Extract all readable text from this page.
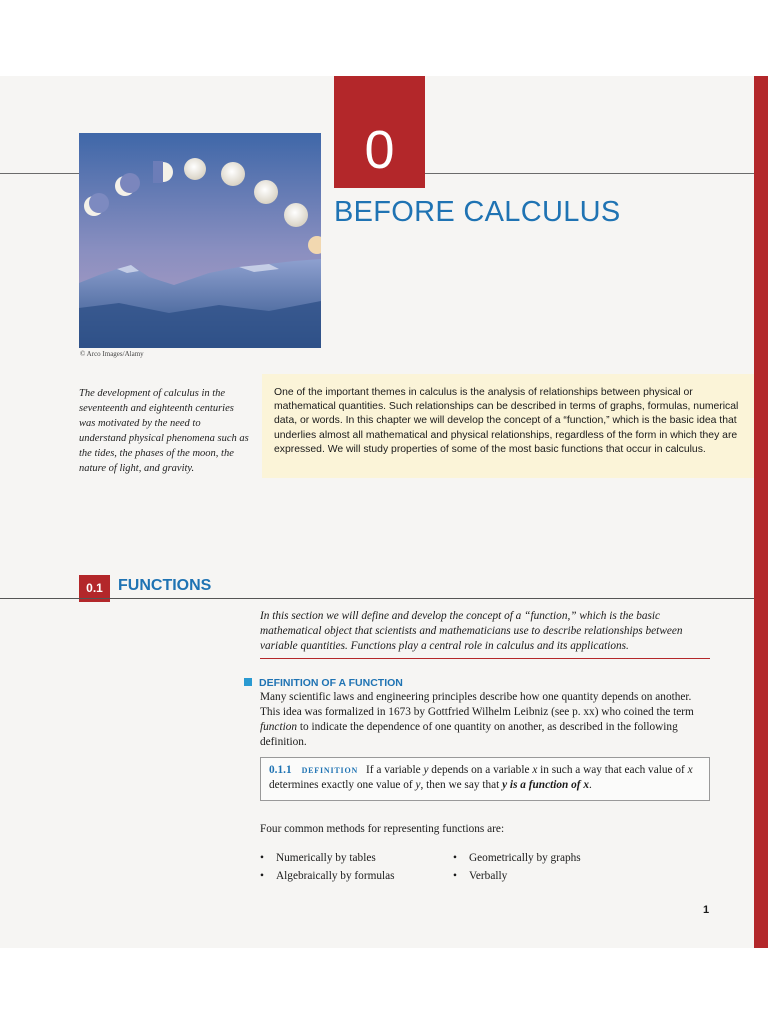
0
BEFORE CALCULUS
© Arco Images/Alamy
The development of calculus in the seventeenth and eighteenth centuries was motivated by the need to understand physical phenomena such as the tides, the phases of the moon, the nature of light, and gravity.
One of the important themes in calculus is the analysis of relationships between physical or mathematical quantities. Such relationships can be described in terms of graphs, formulas, numerical data, or words. In this chapter we will develop the concept of a “function,” which is the basic idea that underlies almost all mathematical and physical relationships, regardless of the form in which they are expressed. We will study properties of some of the most basic functions that occur in calculus.
0.1 FUNCTIONS
In this section we will define and develop the concept of a “function,” which is the basic mathematical object that scientists and mathematicians use to describe relationships between variable quantities. Functions play a central role in calculus and its applications.
DEFINITION OF A FUNCTION
Many scientific laws and engineering principles describe how one quantity depends on another. This idea was formalized in 1673 by Gottfried Wilhelm Leibniz (see p. xx) who coined the term function to indicate the dependence of one quantity on another, as described in the following definition.
0.1.1 DEFINITION If a variable y depends on a variable x in such a way that each value of x determines exactly one value of y, then we say that y is a function of x.
Four common methods for representing functions are:
• Numerically by tables	• Geometrically by graphs
• Algebraically by formulas	• Verbally
1
